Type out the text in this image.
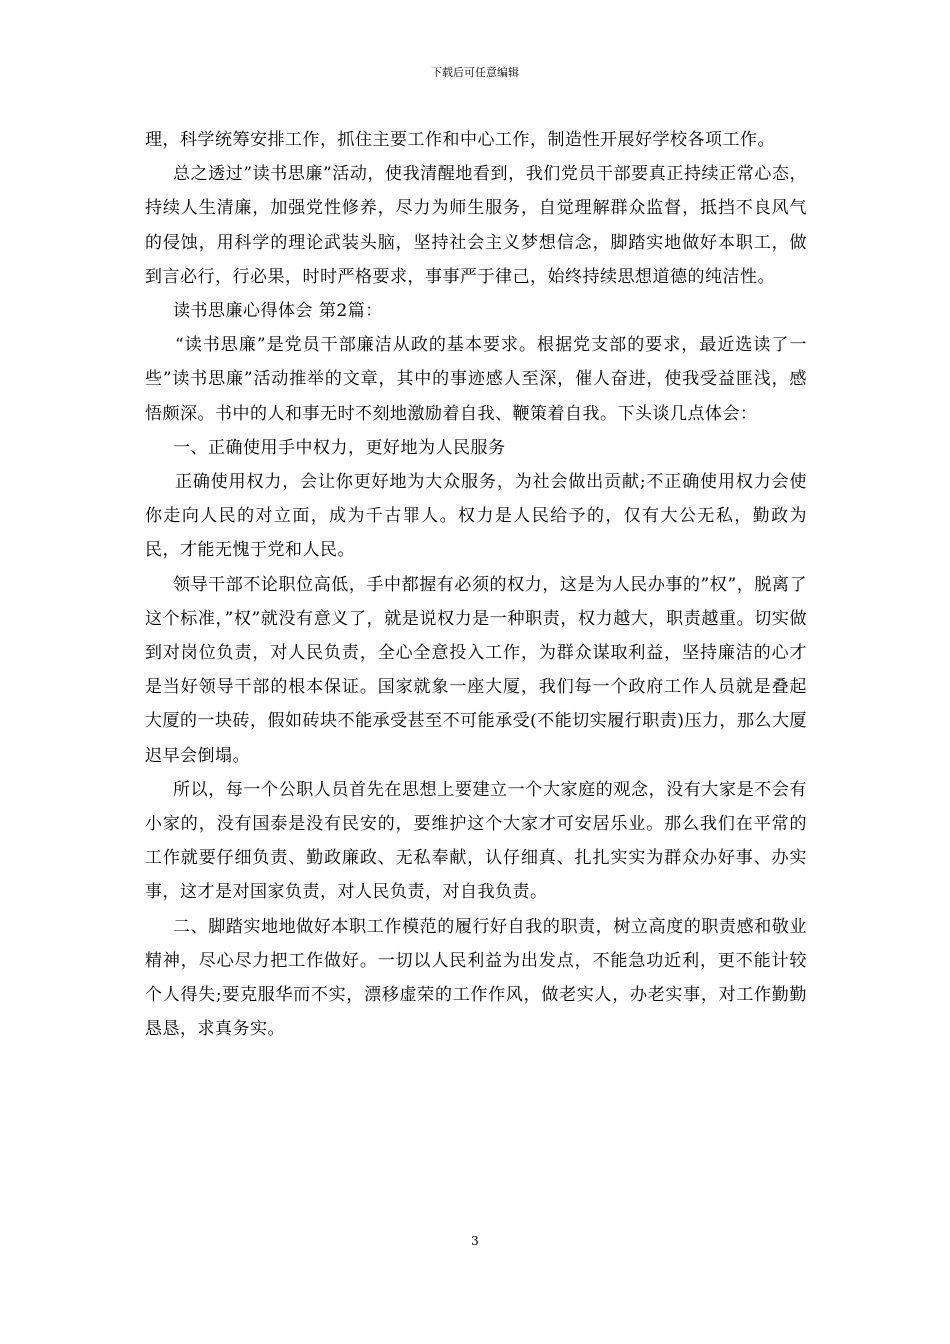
下载后可任意编辑

理，科学统筹安排工作，抓住主要工作和中心工作，制造性开展好学校各项工作。

总之透过”读书思廉”活动，使我清醒地看到，我们党员干部要真正持续正常心态，持续人生清廉，加强党性修养，尽力为师生服务，自觉理解群众监督，抵挡不良风气的侵蚀，用科学的理论武装头脑，坚持社会主义梦想信念，脚踏实地做好本职工，做到言必行，行必果，时时严格要求，事事严于律己，始终持续思想道德的纯洁性。

读书思廉心得体会 第2篇：

“读书思廉”是党员干部廉洁从政的基本要求。根据党支部的要求，最近选读了一些”读书思廉”活动推举的文章，其中的事迹感人至深，催人奋进，使我受益匪浅，感悟颇深。书中的人和事无时不刻地激励着自我、鞭策着自我。下头谈几点体会：

一、正确使用手中权力，更好地为人民服务

正确使用权力，会让你更好地为大众服务，为社会做出贡献;不正确使用权力会使你走向人民的对立面，成为千古罪人。权力是人民给予的，仅有大公无私，勤政为民，才能无愧于党和人民。

领导干部不论职位高低，手中都握有必须的权力，这是为人民办事的”权”，脱离了这个标准，”权”就没有意义了，就是说权力是一种职责，权力越大，职责越重。切实做到对岗位负责，对人民负责，全心全意投入工作，为群众谋取利益，坚持廉洁的心才是当好领导干部的根本保证。国家就象一座大厦，我们每一个政府工作人员就是叠起大厦的一块砖，假如砖块不能承受甚至不可能承受(不能切实履行职责)压力，那么大厦迟早会倒塌。

所以，每一个公职人员首先在思想上要建立一个大家庭的观念，没有大家是不会有小家的，没有国泰是没有民安的，要维护这个大家才可安居乐业。那么我们在平常的工作就要仔细负责、勤政廉政、无私奉献，认仔细真、扎扎实实为群众办好事、办实事，这才是对国家负责，对人民负责，对自我负责。

二、脚踏实地地做好本职工作模范的履行好自我的职责，树立高度的职责感和敬业精神，尽心尽力把工作做好。一切以人民利益为出发点，不能急功近利，更不能计较个人得失;要克服华而不实，漂移虚荣的工作作风，做老实人，办老实事，对工作勤勤恳恳，求真务实。

3
